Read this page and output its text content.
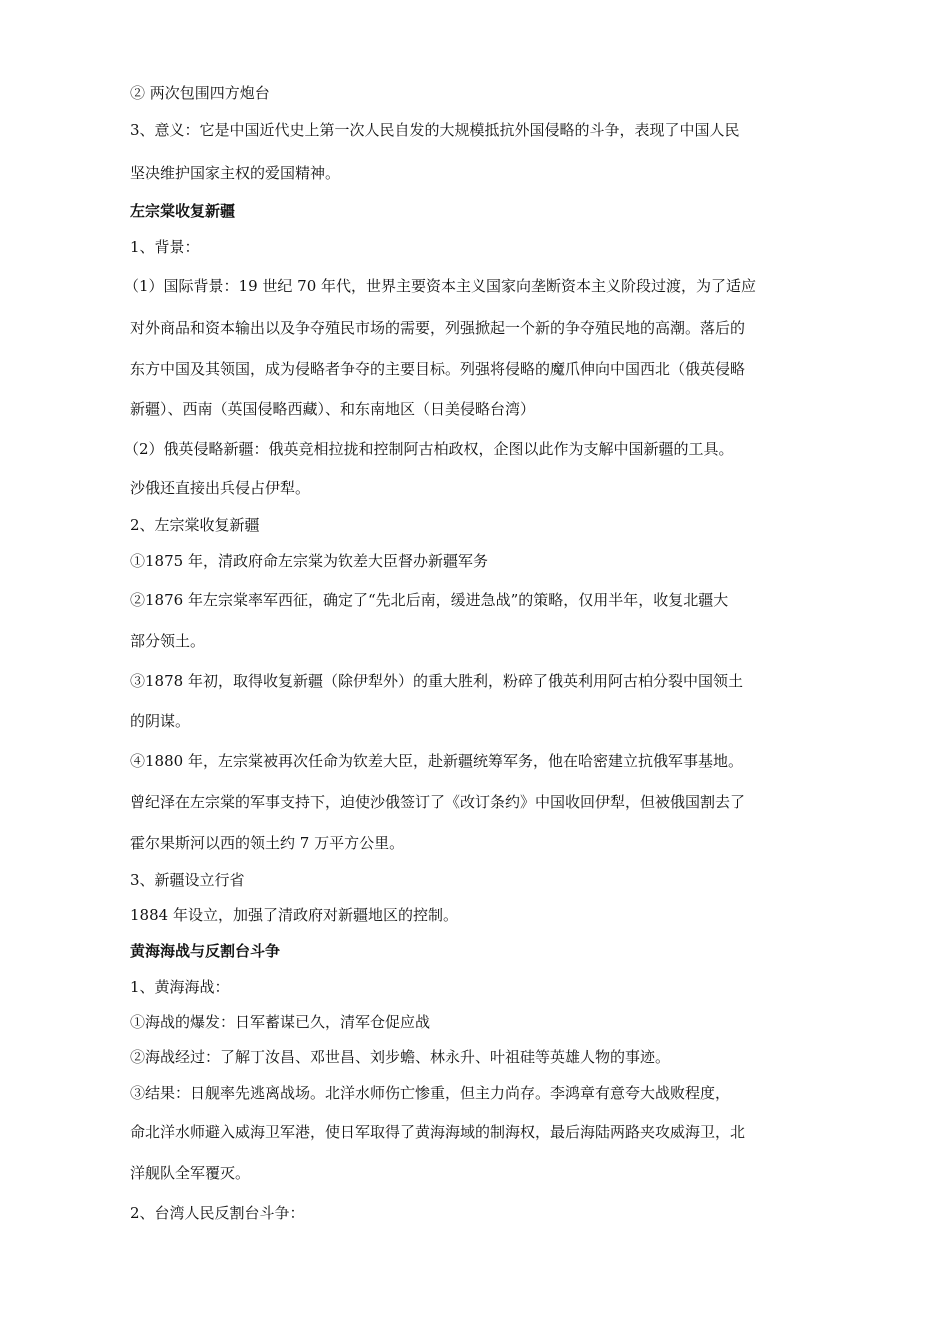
② 两次包围四方炮台
3、意义：它是中国近代史上第一次人民自发的大规模抵抗外国侵略的斗争，表现了中国人民
坚决维护国家主权的爱国精神。
左宗棠收复新疆
1、背景：
（1）国际背景：19 世纪 70 年代，世界主要资本主义国家向垄断资本主义阶段过渡，为了适应
对外商品和资本输出以及争夺殖民市场的需要，列强掀起一个新的争夺殖民地的高潮。落后的
东方中国及其领国，成为侵略者争夺的主要目标。列强将侵略的魔爪伸向中国西北（俄英侵略
新疆）、西南（英国侵略西藏）、和东南地区（日美侵略台湾）
（2）俄英侵略新疆：俄英竞相拉拢和控制阿古柏政权，企图以此作为支解中国新疆的工具。
沙俄还直接出兵侵占伊犁。
2、左宗棠收复新疆
①1875 年，清政府命左宗棠为钦差大臣督办新疆军务
②1876 年左宗棠率军西征，确定了“先北后南，缓进急战”的策略，仅用半年，收复北疆大
部分领土。
③1878 年初，取得收复新疆（除伊犁外）的重大胜利，粉碎了俄英利用阿古柏分裂中国领土
的阴谋。
④1880 年，左宗棠被再次任命为钦差大臣，赴新疆统筹军务，他在哈密建立抗俄军事基地。
曾纪泽在左宗棠的军事支持下，迫使沙俄签订了《改订条约》中国收回伊犁，但被俄国割去了
霍尔果斯河以西的领土约 7 万平方公里。
3、新疆设立行省
1884 年设立，加强了清政府对新疆地区的控制。
黄海海战与反割台斗争
1、黄海海战：
①海战的爆发：日军蓄谋已久，清军仓促应战
②海战经过：了解丁汝昌、邓世昌、刘步蟾、林永升、叶祖硅等英雄人物的事迹。
③结果：日舰率先逃离战场。北洋水师伤亡惨重，但主力尚存。李鸿章有意夸大战败程度，
命北洋水师避入威海卫军港，使日军取得了黄海海域的制海权，最后海陆两路夹攻威海卫，北
洋舰队全军覆灭。
2、台湾人民反割台斗争：
